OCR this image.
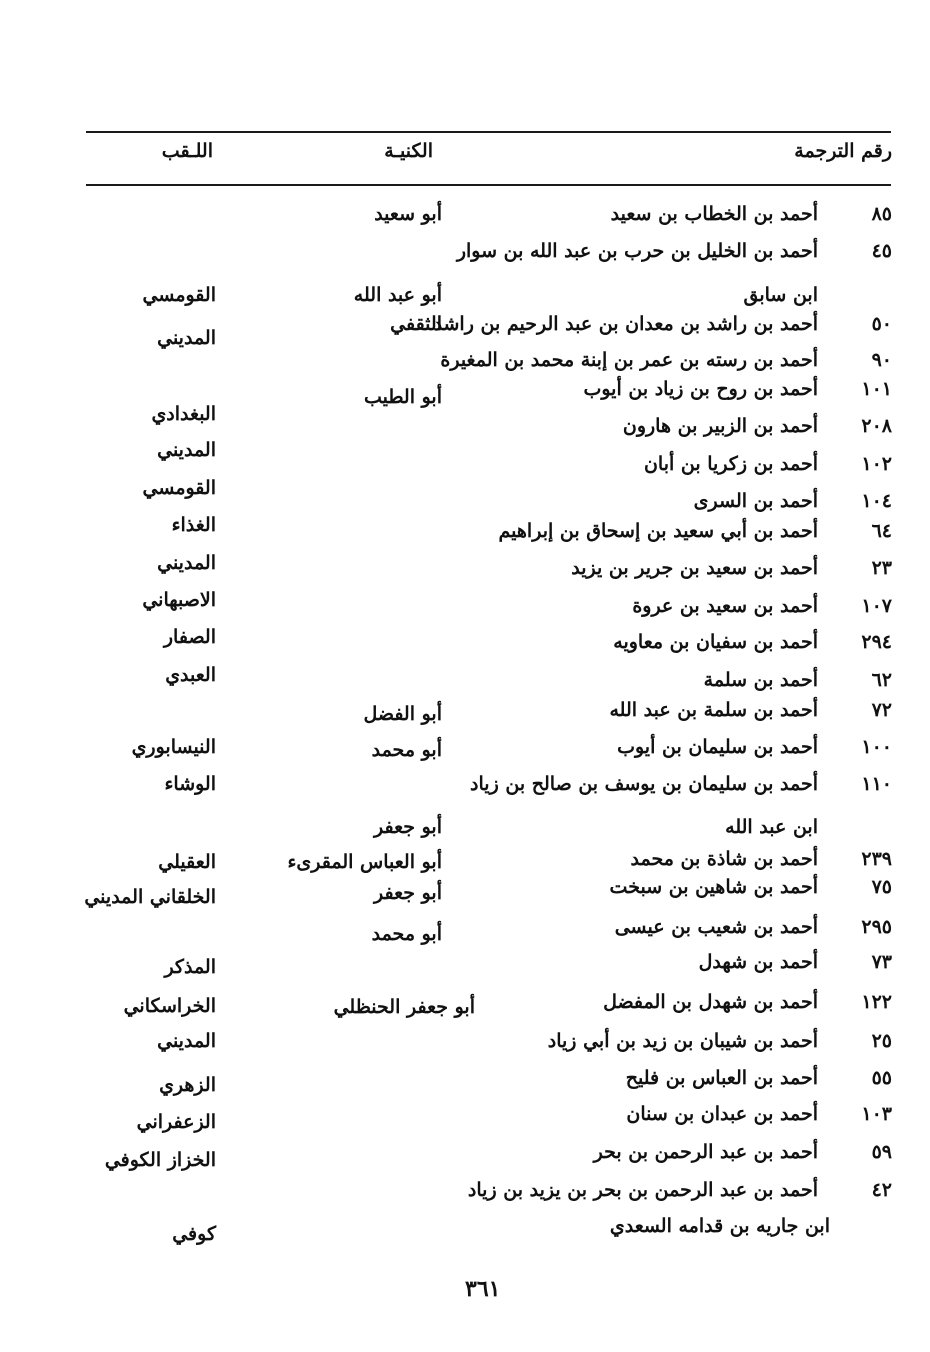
رقم الترجمة
الكنيـة
اللـقب
٨٥
أحمد بن الخطاب بن سعيد
أبو سعيد
٤٥
أحمد بن الخليل بن حرب بن عبد الله بن سوار
ابن سابق
أبو عبد الله
القومسي
٥٠
أحمد بن راشد بن معدان بن عبد الرحيم بن راشد
الثقفي
المديني
٩٠
أحمد بن رسته بن عمر بن إبنة محمد بن المغيرة
١٠١
أحمد بن روح بن زياد بن أيوب
أبو الطيب
٢٠٨
أحمد بن الزبير بن هارون
البغدادي
١٠٢
أحمد بن زكريا بن أبان
المديني
١٠٤
أحمد بن السرى
القومسي
٦٤
أحمد بن أبي سعيد بن إسحاق بن إبراهيم
الغذاء
٢٣
أحمد بن سعيد بن جرير بن يزيد
المديني
١٠٧
أحمد بن سعيد بن عروة
الاصبهاني
٢٩٤
أحمد بن سفيان بن معاويه
الصفار
٦٢
أحمد بن سلمة
العبدي
٧٢
أحمد بن سلمة بن عبد الله
أبو الفضل
١٠٠
أحمد بن سليمان بن أيوب
أبو محمد
النيسابوري
١١٠
أحمد بن سليمان بن يوسف بن صالح بن زياد
الوشاء
ابن عبد الله
أبو جعفر
٢٣٩
أحمد بن شاذة بن محمد
أبو العباس المقرىء
العقيلي
٧٥
أحمد بن شاهين بن سبخت
أبو جعفر
الخلقاني المديني
٢٩٥
أحمد بن شعيب بن عيسى
أبو محمد
٧٣
أحمد بن شهدل
المذكر
١٢٢
أحمد بن شهدل بن المفضل
أبو جعفر الحنظلي
الخراسكاني
٢٥
أحمد بن شيبان بن زيد بن أبي زياد
المديني
٥٥
أحمد بن العباس بن فليح
الزهري
١٠٣
أحمد بن عبدان بن سنان
الزعفراني
٥٩
أحمد بن عبد الرحمن بن بحر
الخزاز الكوفي
٤٢
أحمد بن عبد الرحمن بن بحر بن يزيد بن زياد
ابن جاريه بن قدامه السعدي
كوفي
٣٦١
